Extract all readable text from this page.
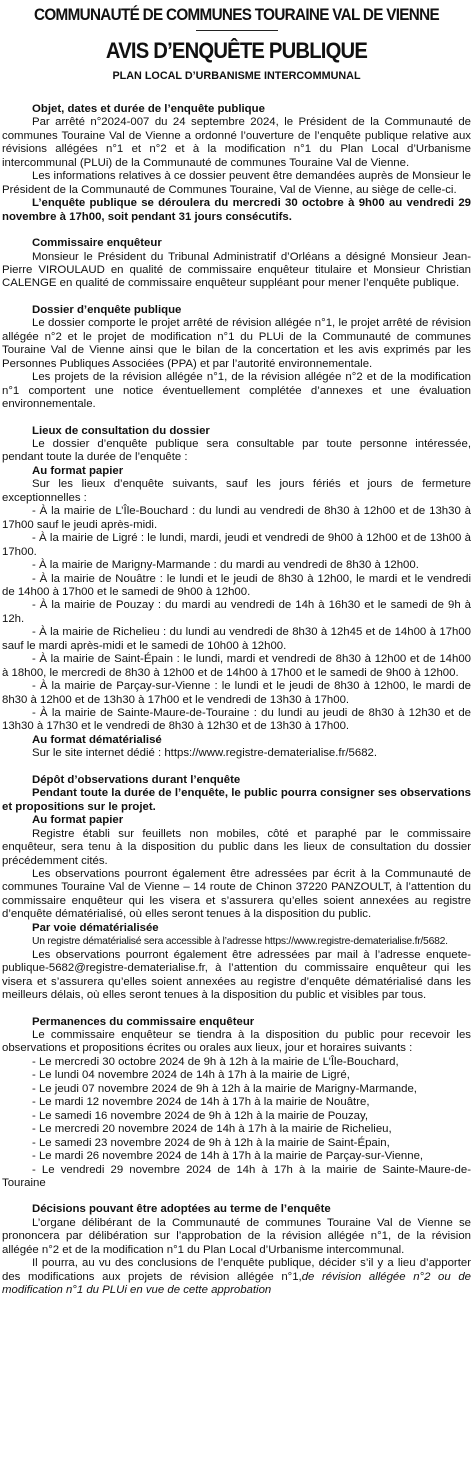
COMMUNAUTÉ DE COMMUNES TOURAINE VAL DE VIENNE
AVIS D’ENQUÊTE PUBLIQUE
PLAN LOCAL D’URBANISME INTERCOMMUNAL
Objet, dates et durée de l’enquête publique

Par arrêté n°2024-007 du 24 septembre 2024, le Président de la Communauté de communes Touraine Val de Vienne a ordonné l’ouverture de l’enquête publique relative aux révisions allégées n°1 et n°2 et à la modification n°1 du Plan Local d’Urbanisme intercommunal (PLUi) de la Communauté de communes Touraine Val de Vienne.

Les informations relatives à ce dossier peuvent être demandées auprès de Monsieur le Président de la Communauté de Communes Touraine, Val de Vienne, au siège de celle-ci.

L’enquête publique se déroulera du mercredi 30 octobre à 9h00 au vendredi 29 novembre à 17h00, soit pendant 31 jours consécutifs.

Commissaire enquêteur

Monsieur le Président du Tribunal Administratif d’Orléans a désigné Monsieur Jean-Pierre VIROULAUD en qualité de commissaire enquêteur titulaire et Monsieur Christian CALENGE en qualité de commissaire enquêteur suppléant pour mener l’enquête publique.

Dossier d’enquête publique

Le dossier comporte le projet arrêté de révision allégée n°1, le projet arrêté de révision allégée n°2 et le projet de modification n°1 du PLUi de la Communauté de communes Touraine Val de Vienne ainsi que le bilan de la concertation et les avis exprimés par les Personnes Publiques Associées (PPA) et par l’autorité environnementale.

Les projets de la révision allégée n°1, de la révision allégée n°2 et de la modification n°1 comportent une notice éventuellement complétée d’annexes et une évaluation environnementale.

Lieux de consultation du dossier

Le dossier d’enquête publique sera consultable par toute personne intéressée, pendant toute la durée de l’enquête :

Au format papier

Sur les lieux d’enquête suivants, sauf les jours fériés et jours de fermeture exceptionnelles :

- À la mairie de L’Île-Bouchard : du lundi au vendredi de 8h30 à 12h00 et de 13h30 à 17h00 sauf le jeudi après-midi.

- À la mairie de Ligré : le lundi, mardi, jeudi et vendredi de 9h00 à 12h00 et de 13h00 à 17h00.

- À la mairie de Marigny-Marmande : du mardi au vendredi de 8h30 à 12h00.

- À la mairie de Nouâtre : le lundi et le jeudi de 8h30 à 12h00, le mardi et le vendredi de 14h00 à 17h00 et le samedi de 9h00 à 12h00.

- À la mairie de Pouzay : du mardi au vendredi de 14h à 16h30 et le samedi de 9h à 12h.

- À la mairie de Richelieu : du lundi au vendredi de 8h30 à 12h45 et de 14h00 à 17h00 sauf le mardi après-midi et le samedi de 10h00 à 12h00.

- À la mairie de Saint-Épain : le lundi, mardi et vendredi de 8h30 à 12h00 et de 14h00 à 18h00, le mercredi de 8h30 à 12h00 et de 14h00 à 17h00 et le samedi de 9h00 à 12h00.

- À la mairie de Parçay-sur-Vienne : le lundi et le jeudi de 8h30 à 12h00, le mardi de 8h30 à 12h00 et de 13h30 à 17h00 et le vendredi de 13h30 à 17h00.

- À la mairie de Sainte-Maure-de-Touraine : du lundi au jeudi de 8h30 à 12h30 et de 13h30 à 17h30 et le vendredi de 8h30 à 12h30 et de 13h30 à 17h00.

Au format dématérialisé

Sur le site internet dédié : https://www.registre-dematerialise.fr/5682.

Dépôt d’observations durant l’enquête

Pendant toute la durée de l’enquête, le public pourra consigner ses observations et propositions sur le projet.

Au format papier

Registre établi sur feuillets non mobiles, côté et paraphé par le commissaire enquêteur, sera tenu à la disposition du public dans les lieux de consultation du dossier précédemment cités.

Les observations pourront également être adressées par écrit à la Communauté de communes Touraine Val de Vienne – 14 route de Chinon 37220 PANZOULT, à l’attention du commissaire enquêteur qui les visera et s’assurera qu’elles soient annexées au registre d’enquête dématérialisé, où elles seront tenues à la disposition du public.

Par voie dématérialisée

Un registre dématérialisé sera accessible à l’adresse https://www.registre-dematerialise.fr/5682.

Les observations pourront également être adressées par mail à l’adresse enquete-publique-5682@registre-dematerialise.fr, à l’attention du commissaire enquêteur qui les visera et s’assurera qu’elles soient annexées au registre d’enquête dématérialisé dans les meilleurs délais, où elles seront tenues à la disposition du public et visibles par tous.

Permanences du commissaire enquêteur

Le commissaire enquêteur se tiendra à la disposition du public pour recevoir les observations et propositions écrites ou orales aux lieux, jour et horaires suivants :

- Le mercredi 30 octobre 2024 de 9h à 12h à la mairie de L’Île-Bouchard,

- Le lundi 04 novembre 2024 de 14h à 17h à la mairie de Ligré,

- Le jeudi 07 novembre 2024 de 9h à 12h à la mairie de Marigny-Marmande,

- Le mardi 12 novembre 2024 de 14h à 17h à la mairie de Nouâtre,

- Le samedi 16 novembre 2024 de 9h à 12h à la mairie de Pouzay,

- Le mercredi 20 novembre 2024 de 14h à 17h à la mairie de Richelieu,

- Le samedi 23 novembre 2024 de 9h à 12h à la mairie de Saint-Épain,

- Le mardi 26 novembre 2024 de 14h à 17h à la mairie de Parçay-sur-Vienne,

- Le vendredi 29 novembre 2024 de 14h à 17h à la mairie de Sainte-Maure-de-Touraine

Décisions pouvant être adoptées au terme de l’enquête

L’organe délibérant de la Communauté de communes Touraine Val de Vienne se prononcera par délibération sur l’approbation de la révision allégée n°1, de la révision allégée n°2 et de la modification n°1 du Plan Local d’Urbanisme intercommunal.

Il pourra, au vu des conclusions de l’enquête publique, décider s’il y a lieu d’apporter des modifications aux projets de révision allégée n°1,de révision allégée n°2 ou de modification n°1 du PLUi en vue de cette approbation
